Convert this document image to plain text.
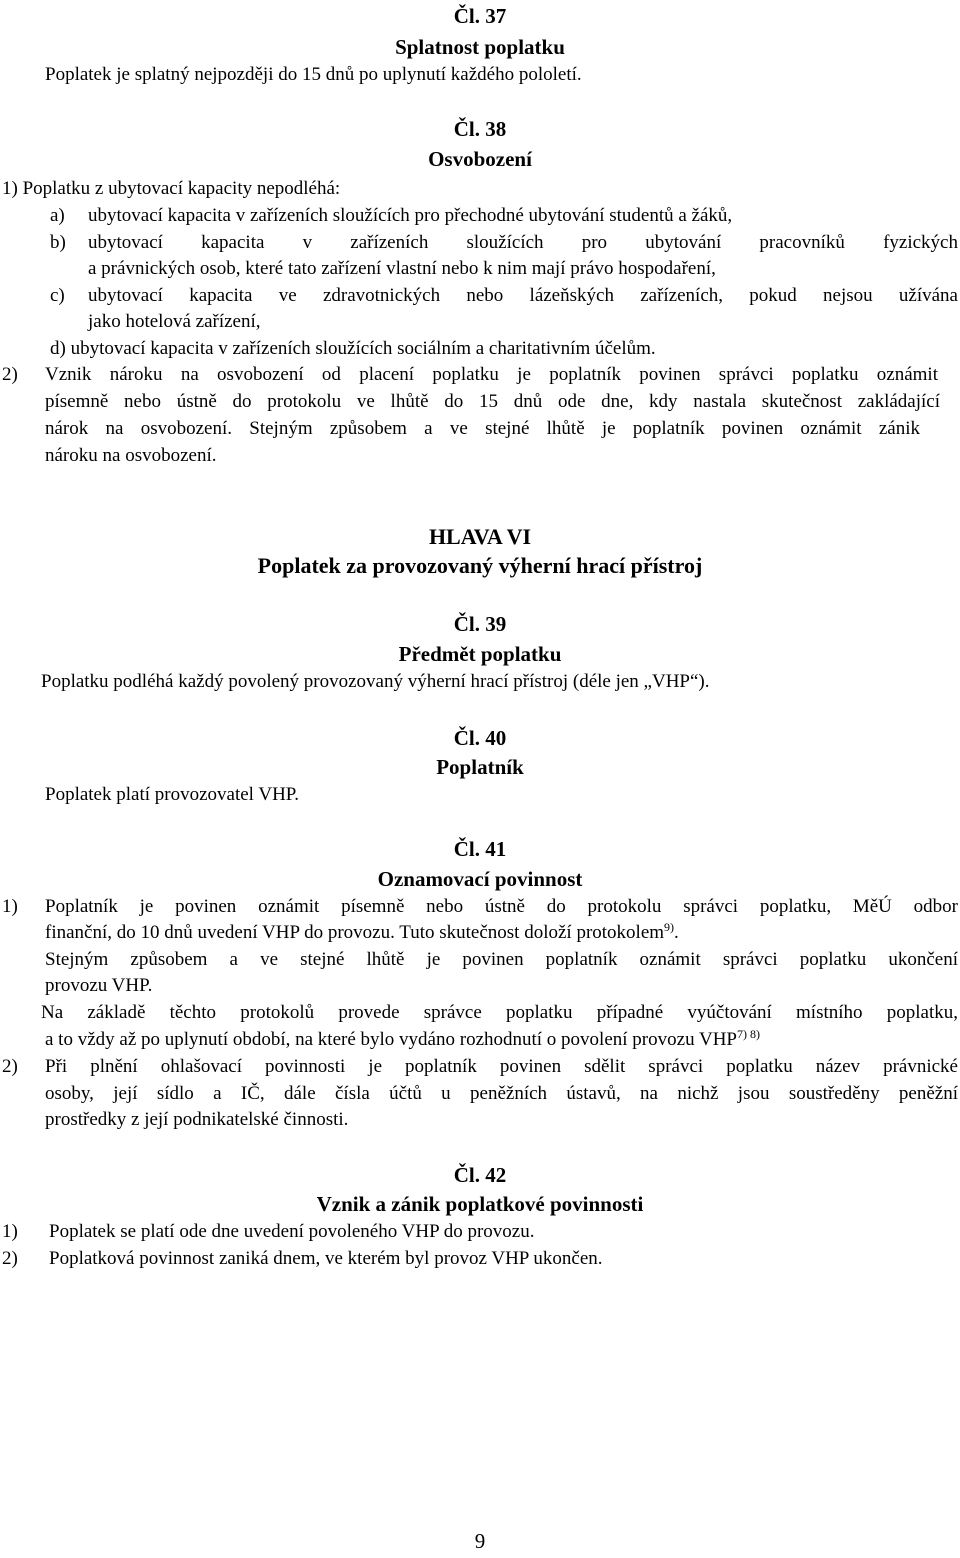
Čl. 37
Splatnost poplatku
Poplatek je splatný nejpozději do 15 dnů po uplynutí každého pololetí.
Čl. 38
Osvobození
1) Poplatku z ubytovací kapacity nepodléhá:
a) ubytovací kapacita v zařízeních sloužících pro přechodné ubytování studentů a žáků,
b) ubytovací kapacita v zařízeních sloužících pro ubytování pracovníků fyzických
a právnických osob, které tato zařízení vlastní nebo k nim mají právo hospodaření,
c) ubytovací kapacita ve zdravotnických nebo lázeňských zařízeních, pokud nejsou užívána
jako hotelová zařízení,
d) ubytovací kapacita v zařízeních sloužících sociálním a charitativním účelům.
2) Vznik nároku na osvobození od placení poplatku je poplatník povinen správci poplatku oznámit
písemně nebo ústně do protokolu ve lhůtě do 15 dnů ode dne, kdy nastala skutečnost zakládající
nárok na osvobození. Stejným způsobem a ve stejné lhůtě je poplatník povinen oznámit zánik
nároku na osvobození.
HLAVA VI
Poplatek za provozovaný výherní hrací přístroj
Čl. 39
Předmět poplatku
Poplatku podléhá každý povolený provozovaný výherní hrací přístroj (déle jen „VHP“).
Čl. 40
Poplatník
Poplatek platí provozovatel VHP.
Čl. 41
Oznamovací povinnost
1) Poplatník je povinen oznámit písemně nebo ústně do protokolu správci poplatku, MěÚ odbor
finanční, do 10 dnů uvedení VHP do provozu. Tuto skutečnost doloží protokolem$^{9)}$.
Stejným způsobem a ve stejné lhůtě je povinen poplatník oznámit správci poplatku ukončení
provozu VHP.
Na základě těchto protokolů provede správce poplatku případné vyúčtování místního poplatku,
a to vždy až po uplynutí období, na které bylo vydáno rozhodnutí o povolení provozu $VHP^{7) 8)}$
2) Při plnění ohlašovací povinnosti je poplatník povinen sdělit správci poplatku název právnické
osoby, její sídlo a IČ, dále čísla účtů u peněžních ústavů, na nichž jsou soustředěny peněžní
prostředky z její podnikatelské činnosti.
Čl. 42
Vznik a zánik poplatkové povinnosti
1) Poplatek se platí ode dne uvedení povoleného VHP do provozu.
2) Poplatková povinnost zaniká dnem, ve kterém byl provoz VHP ukončen.
9
